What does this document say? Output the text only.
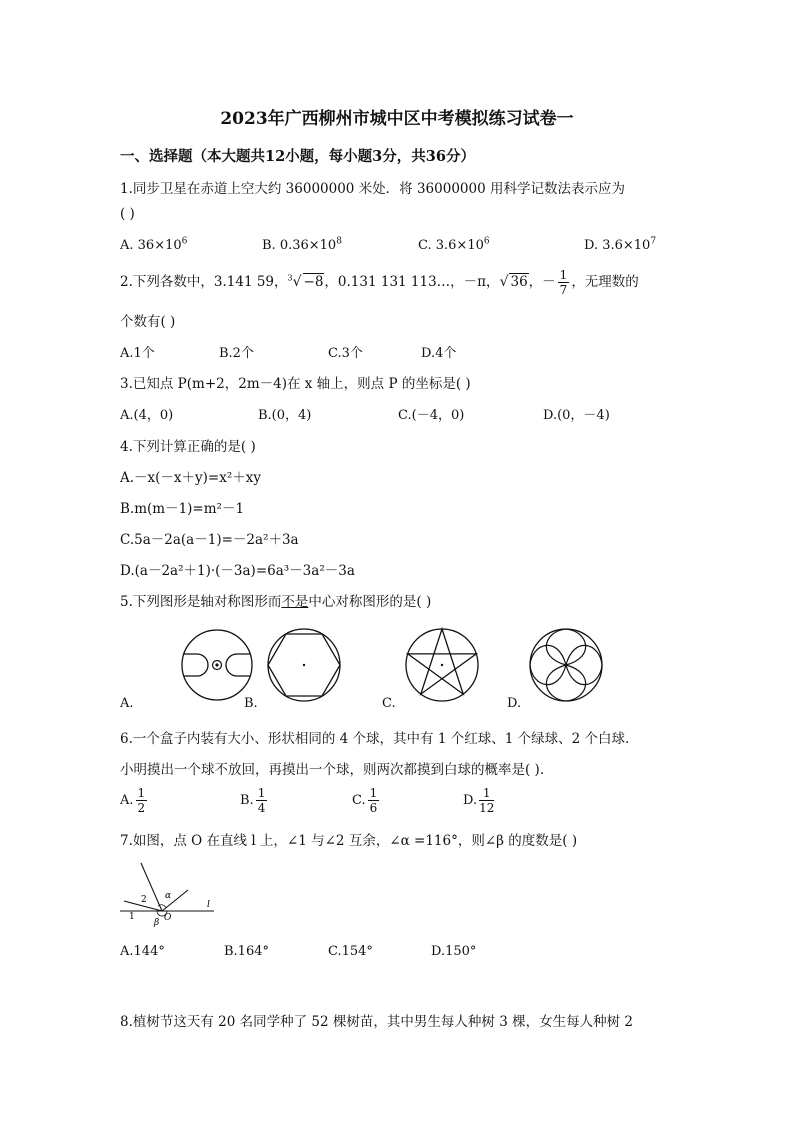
2023年广西柳州市城中区中考模拟练习试卷一
一、选择题（本大题共12小题，每小题3分，共36分）
1.同步卫星在赤道上空大约 36000000 米处．将 36000000 用科学记数法表示应为
( )
A. $36\times 10^6$	B. $0.36\times 10^8$	C. $3.6\times 10^6$	D. $3.6\times 10^7$
2.下列各数中，3.141 59，$^3$√ −8，0.131 131 113…，－π，√ 36，－ $\frac{1}{7}$ ，无理数的
个数有( )
A.1个	B.2个	C.3个	D.4个
3.已知点 P(m+2，2m－4)在 x 轴上，则点 P 的坐标是( )
A.(4，0)	B.(0，4)	C.(－4，0)	D.(0，－4)
4.下列计算正确的是( )
A.－x(－x＋y)=x²＋xy
B.m(m－1)=m²－1
C.5a－2a(a－1)=－2a²＋3a
D.(a－2a²＋1)·(－3a)=6a³－3a²－3a
5.下列图形是轴对称图形而不是中心对称图形的是( )
A.	B.	C.	D.
6.一个盒子内装有大小、形状相同的 4 个球，其中有 1 个红球、1 个绿球、2 个白球.
小明摸出一个球不放回，再摸出一个球，则两次都摸到白球的概率是( ).
A. $\frac{1}{2}$	B. $\frac{1}{4}$	C. $\frac{1}{6}$	D. $\frac{1}{12}$
7.如图，点 O 在直线 l 上，∠1 与∠2 互余，∠α =116°，则∠β 的度数是( )
2 α
1
β O
l
A.144°	B.164°	C.154°	D.150°
8.植树节这天有 20 名同学种了 52 棵树苗，其中男生每人种树 3 棵，女生每人种树 2
